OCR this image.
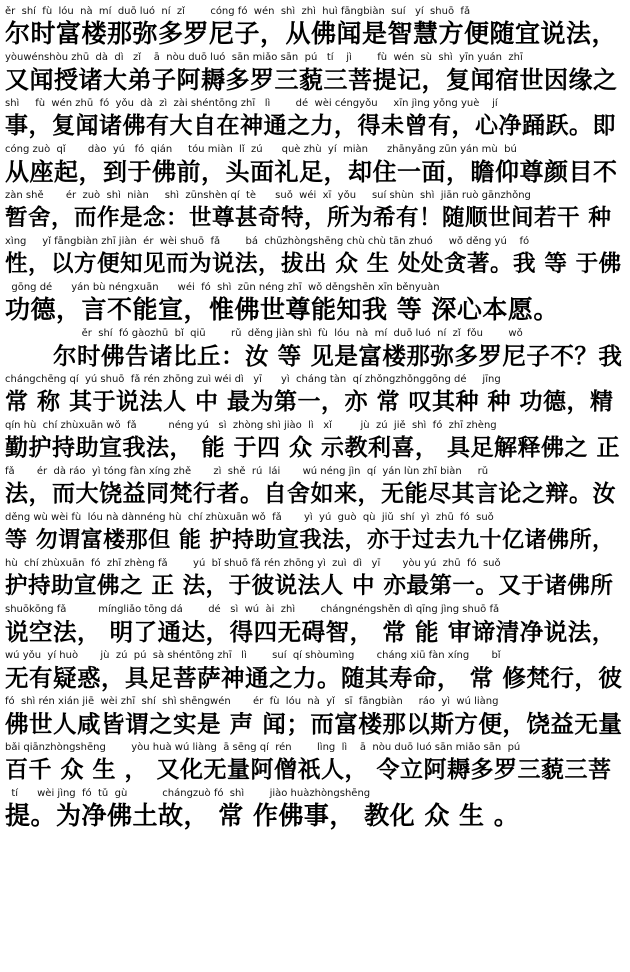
ěr  shí  fù  lóu  nà  mí  duō luó  ní  zǐ        cóng fó  wén  shì  zhì  huì fāngbiàn  suí   yí  shuō  fǎ
尔时富楼那弥多罗尼子，从佛闻是智慧方便随宜说法，
yòuwénshòu zhū  dà  dì   zǐ    ā  nòu duō luó  sān miǎo sān  pú   tí    jì        fù  wén  sù  shì  yīn yuán  zhī
又闻授诸大弟子阿耨多罗三藐三菩提记，复闻宿世因缘之
shì     fù  wén zhū  fó  yǒu  dà  zì  zài shéntōng zhī   lì        dé  wèi céngyǒu     xīn jìng yǒng yuè    jí
事，复闻诸佛有大自在神通之力，得未曾有，心净踊跃。即
cóng zuò  qǐ       dào  yú   fó  qián     tóu miàn  lǐ  zú      què zhù  yí  miàn      zhānyǎng zūn yán mù  bú
从座起，到于佛前，头面礼足，却住一面，瞻仰尊颜目不
zàn shě       ér  zuò  shì  niàn     shì  zūnshèn qí  tè      suǒ  wéi  xī  yǒu     suí shùn  shì  jiān ruò gānzhǒng
暂舍，而作是念：世尊甚奇特，所为希有！随顺世间若干 种
xìng     yǐ fāngbiàn zhī jiàn  ér  wèi shuō  fǎ        bá  chūzhòngshēng chù chù tān zhuó     wǒ děng yú    fó
性，以方便知见而为说法，拔出 众 生 处处贪著。我 等 于佛
gōng dé      yán bù néngxuān      wéi  fó  shì  zūn néng zhī  wǒ děngshēn xīn běnyuàn
功德，言不能宣，惟佛世尊能知我 等 深心本愿。
ěr  shí  fó gàozhū  bǐ  qiū        rǔ  děng jiàn shì  fù  lóu  nà  mí  duō luó  ní  zǐ  fǒu        wǒ
尔时佛告诸比丘：汝 等 见是富楼那弥多罗尼子不？我
chángchēng qí  yú shuō  fǎ rén zhōng zuì wéi dì   yī      yì  cháng tàn  qí zhǒngzhǒnggōng dé     jīng
常 称 其于说法人 中 最为第一，亦 常 叹其种 种 功德，精
qín hù  chí zhùxuān wǒ  fǎ          néng yú   sì  zhòng shì jiào  lì   xǐ         jù  zú  jiě  shì  fó  zhī zhèng
勤护持助宣我法， 能 于四 众 示教利喜， 具足解释佛之 正
fǎ       ér  dà ráo  yì tóng fàn xíng zhě       zì  shě  rú  lái       wú néng jìn  qí  yán lùn zhī biàn     rǔ
法，而大饶益同梵行者。自舍如来，无能尽其言论之辩。汝
děng wù wèi fù  lóu nà dànnéng hù  chí zhùxuān wǒ  fǎ       yì  yú  guò  qù  jiǔ  shí  yì  zhū  fó  suǒ
等 勿谓富楼那但 能 护持助宣我法，亦于过去九十亿诸佛所，
hù  chí zhùxuān  fó  zhī zhèng fǎ        yú  bǐ shuō fǎ rén zhōng yì  zuì  dì   yī       yòu yú  zhū  fó  suǒ
护持助宣佛之 正 法，于彼说法人 中 亦最第一。又于诸佛所
shuōkōng fǎ          míngliǎo tōng dá        dé   sì  wú  ài  zhì        chángnéngshěn dì qīng jìng shuō fǎ
说空法， 明了通达，得四无碍智， 常 能 审谛清净说法，
wú yǒu  yí huò       jù  zú  pú  sà shéntōng zhī   lì        suí  qí shòumìng       cháng xiū fàn xíng       bǐ
无有疑惑，具足菩萨神通之力。随其寿命， 常 修梵行，彼
fó  shì rén xián jiē  wèi zhī  shí  shì shēngwén       ér  fù  lóu  nà  yǐ   sī  fāngbiàn     ráo  yì  wú liàng
佛世人咸皆谓之实是 声 闻；而富楼那以斯方便，饶益无量
bǎi qiānzhòngshēng        yòu huà wú liàng  ā sēng qí  rén        lìng  lì    ā  nòu duō luó sān miǎo sān  pú
百千 众 生 ， 又化无量阿僧祇人， 令立阿耨多罗三藐三菩
tí      wèi jìng  fó  tǔ  gù           chángzuò fó  shì        jiào huàzhòngshēng
提。为净佛土故， 常 作佛事， 教化 众 生 。
